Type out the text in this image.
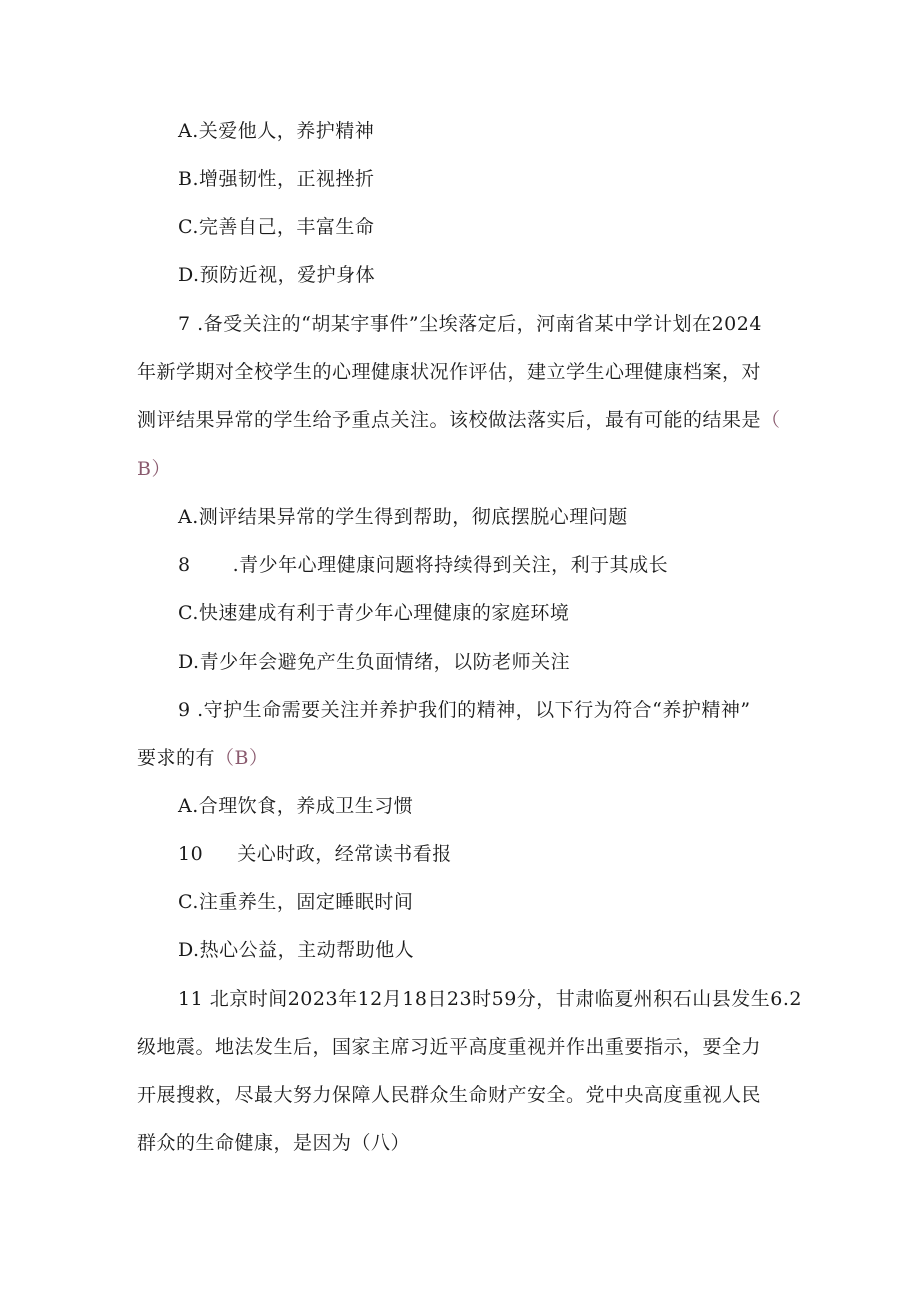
A.关爱他人，养护精神
B.增强韧性，正视挫折
C.完善自己，丰富生命
D.预防近视，爱护身体
7 .备受关注的“胡某宇事件”尘埃落定后，河南省某中学计划在2024
年新学期对全校学生的心理健康状况作评估，建立学生心理健康档案，对
测评结果异常的学生给予重点关注。该校做法落实后，最有可能的结果是（
B）
A.测评结果异常的学生得到帮助，彻底摆脱心理问题
8 .青少年心理健康问题将持续得到关注，利于其成长
C.快速建成有利于青少年心理健康的家庭环境
D.青少年会避免产生负面情绪，以防老师关注
9 .守护生命需要关注并养护我们的精神，以下行为符合“养护精神”
要求的有（B）
A.合理饮食，养成卫生习惯
10 关心时政，经常读书看报
C.注重养生，固定睡眠时间
D.热心公益，主动帮助他人
11 北京时间2023年12月18日23时59分，甘肃临夏州积石山县发生6.2
级地震。地法发生后，国家主席习近平高度重视并作出重要指示，要全力
开展搜救，尽最大努力保障人民群众生命财产安全。党中央高度重视人民
群众的生命健康，是因为（八）
